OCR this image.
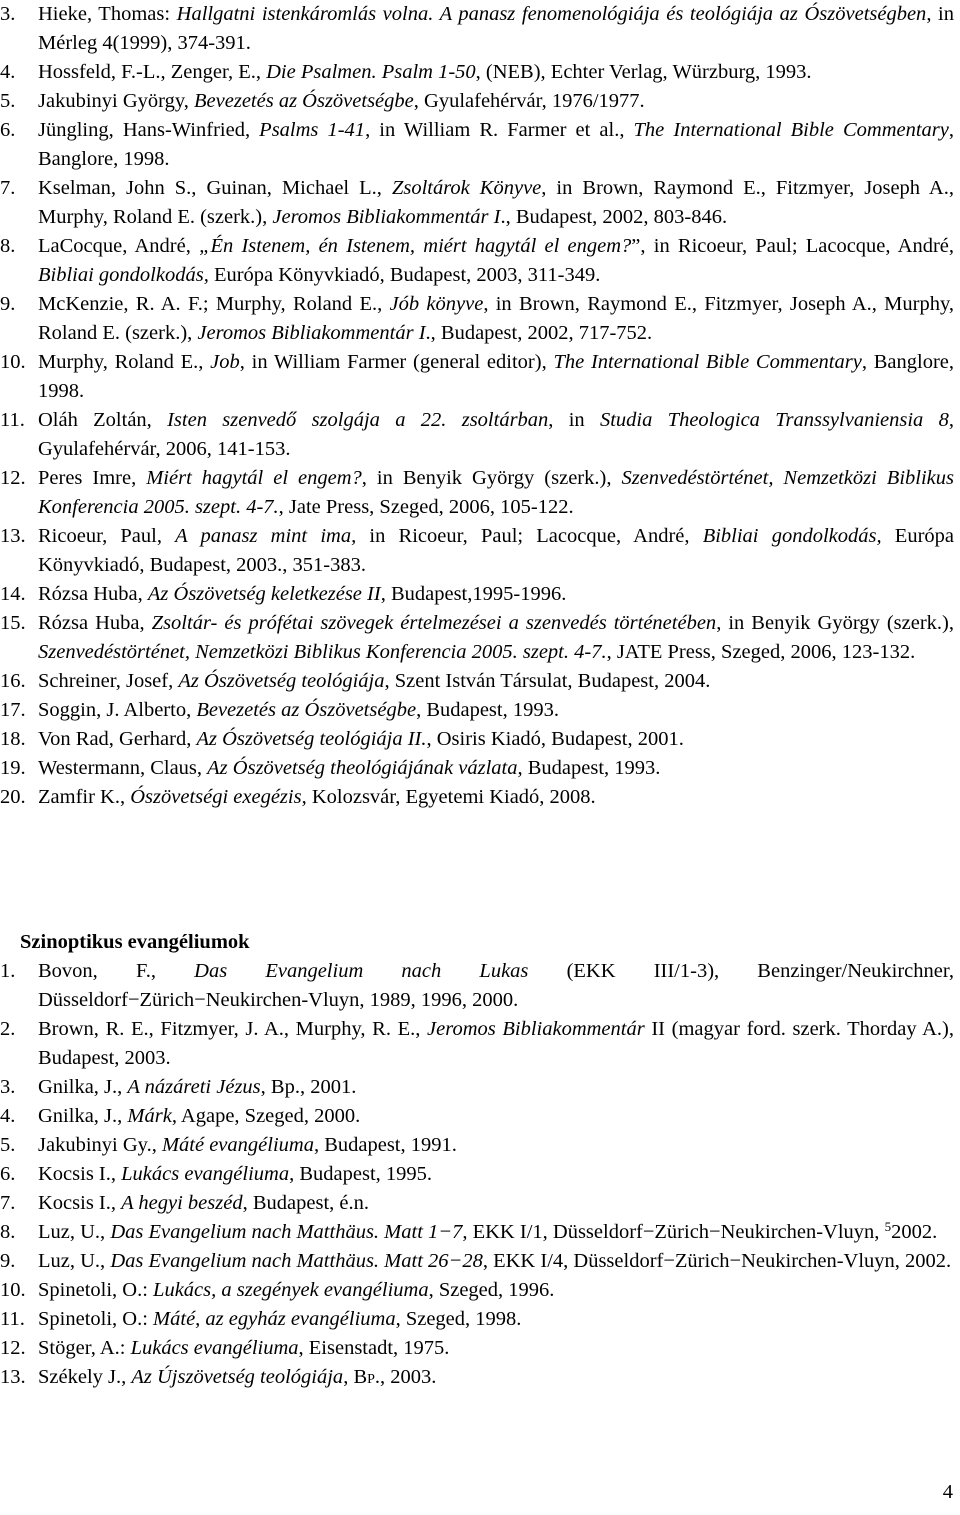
3.	Hieke, Thomas: Hallgatni istenkáromlás volna. A panasz fenomenológiája és teológiája az Ószövetségben, in Mérleg 4(1999), 374-391.
4.	Hossfeld, F.-L., Zenger, E., Die Psalmen. Psalm 1-50, (NEB), Echter Verlag, Würzburg, 1993.
5.	Jakubinyi György, Bevezetés az Ószövetségbe, Gyulafehérvár, 1976/1977.
6.	Jüngling, Hans-Winfried, Psalms 1-41, in William R. Farmer et al., The International Bible Commentary, Banglore, 1998.
7.	Kselman, John S., Guinan, Michael L., Zsoltárok Könyve, in Brown, Raymond E., Fitzmyer, Joseph A., Murphy, Roland E. (szerk.), Jeromos Bibliakommentár I., Budapest, 2002, 803-846.
8.	LaCocque, André, „Én Istenem, én Istenem, miért hagytál el engem?”, in Ricoeur, Paul; Lacocque, André, Bibliai gondolkodás, Európa Könyvkiadó, Budapest, 2003, 311-349.
9.	McKenzie, R. A. F.; Murphy, Roland E., Jób könyve, in Brown, Raymond E., Fitzmyer, Joseph A., Murphy, Roland E. (szerk.), Jeromos Bibliakommentár I., Budapest, 2002, 717-752.
10. Murphy, Roland E., Job, in William Farmer (general editor), The International Bible Commentary, Banglore, 1998.
11. Oláh Zoltán, Isten szenvedő szolgája a 22. zsoltárban, in Studia Theologica Transsylvaniensia 8, Gyulafehérvár, 2006, 141-153.
12. Peres Imre, Miért hagytál el engem?, in Benyik György (szerk.), Szenvedéstörténet, Nemzetközi Biblikus Konferencia 2005. szept. 4-7., Jate Press, Szeged, 2006, 105-122.
13. Ricoeur, Paul, A panasz mint ima, in Ricoeur, Paul; Lacocque, André, Bibliai gondolkodás, Európa Könyvkiadó, Budapest, 2003., 351-383.
14. Rózsa Huba, Az Ószövetség keletkezése II, Budapest,1995-1996.
15. Rózsa Huba, Zsoltár- és prófétai szövegek értelmezései a szenvedés történetében, in Benyik György (szerk.), Szenvedéstörténet, Nemzetközi Biblikus Konferencia 2005. szept. 4-7., JATE Press, Szeged, 2006, 123-132.
16. Schreiner, Josef, Az Ószövetség teológiája, Szent István Társulat, Budapest, 2004.
17. Soggin, J. Alberto, Bevezetés az Ószövetségbe, Budapest, 1993.
18. Von Rad, Gerhard, Az Ószövetség teológiája II., Osiris Kiadó, Budapest, 2001.
19. Westermann, Claus, Az Ószövetség theológiájának vázlata, Budapest, 1993.
20. Zamfir K., Ószövetségi exegézis, Kolozsvár, Egyetemi Kiadó, 2008.
Szinoptikus evangéliumok
1.	Bovon, F., Das Evangelium nach Lukas (EKK III/1-3), Benzinger/Neukirchner, Düsseldorf−Zürich−Neukirchen-Vluyn, 1989, 1996, 2000.
2.	Brown, R. E., Fitzmyer, J. A., Murphy, R. E., Jeromos Bibliakommentár II (magyar ford. szerk. Thorday A.), Budapest, 2003.
3.	Gnilka, J., A názáreti Jézus, Bp., 2001.
4.	Gnilka, J., Márk, Agape, Szeged, 2000.
5.	Jakubinyi Gy., Máté evangéliuma, Budapest, 1991.
6.	Kocsis I., Lukács evangéliuma, Budapest, 1995.
7.	Kocsis I., A hegyi beszéd, Budapest, é.n.
8.	Luz, U., Das Evangelium nach Matthäus. Matt 1−7, EKK I/1, Düsseldorf−Zürich−Neukirchen-Vluyn, $^5$2002.
9.	Luz, U., Das Evangelium nach Matthäus. Matt 26−28, EKK I/4, Düsseldorf−Zürich−Neukirchen-Vluyn, 2002.
10. Spinetoli, O.: Lukács, a szegények evangéliuma, Szeged, 1996.
11. Spinetoli, O.: Máté, az egyház evangéliuma, Szeged, 1998.
12. Stöger, A.: Lukács evangéliuma, Eisenstadt, 1975.
13. Székely J., Az Újszövetség teológiája, Bp., 2003.
4
